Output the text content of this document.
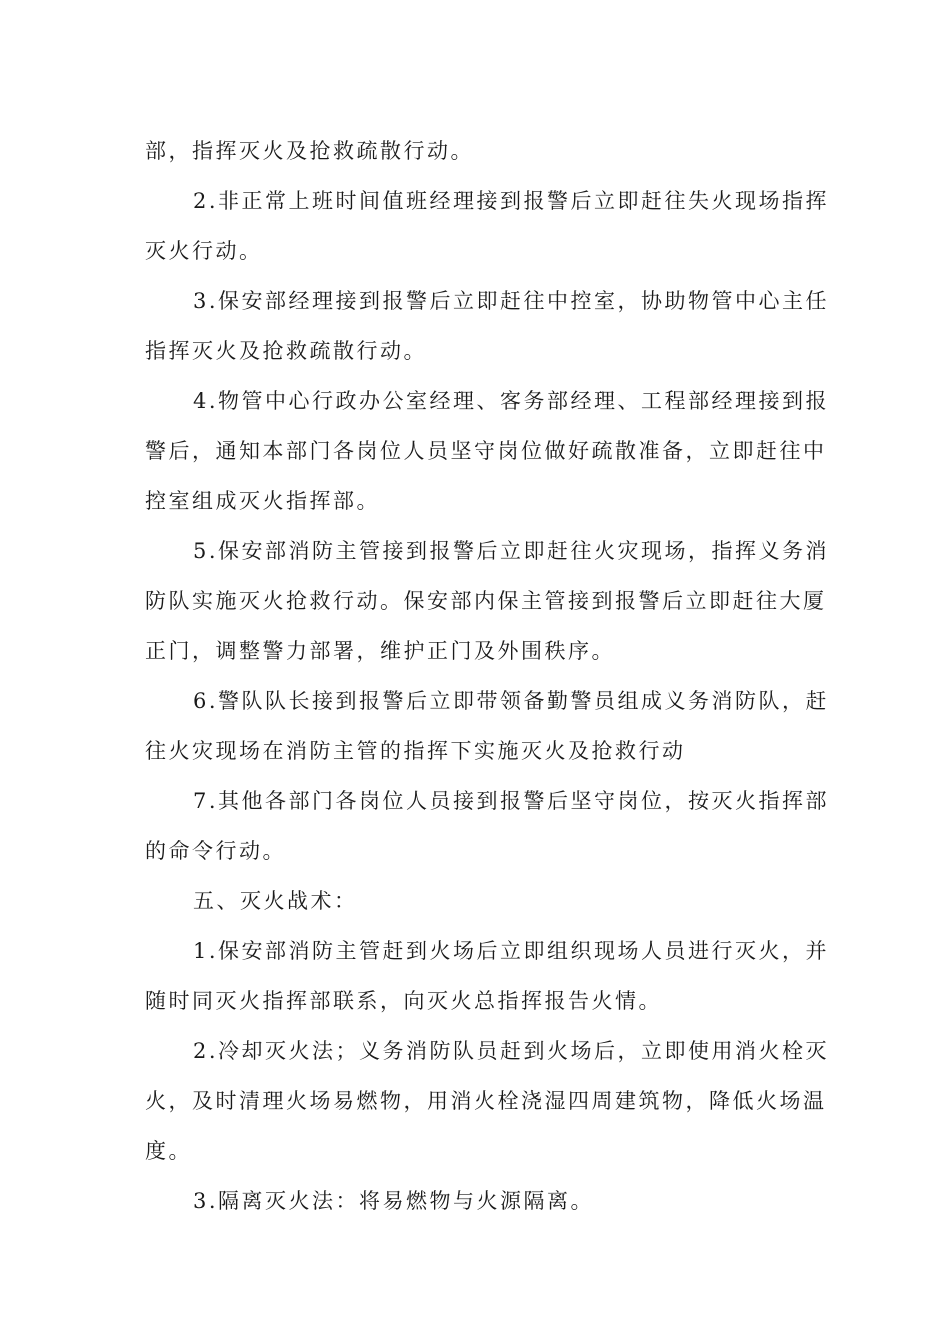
部，指挥灭火及抢救疏散行动。
2.非正常上班时间值班经理接到报警后立即赶往失火现场指挥
灭火行动。
3.保安部经理接到报警后立即赶往中控室，协助物管中心主任
指挥灭火及抢救疏散行动。
4.物管中心行政办公室经理、客务部经理、工程部经理接到报
警后，通知本部门各岗位人员坚守岗位做好疏散准备，立即赶往中
控室组成灭火指挥部。
5.保安部消防主管接到报警后立即赶往火灾现场，指挥义务消
防队实施灭火抢救行动。保安部内保主管接到报警后立即赶往大厦
正门，调整警力部署，维护正门及外围秩序。
6.警队队长接到报警后立即带领备勤警员组成义务消防队，赶
往火灾现场在消防主管的指挥下实施灭火及抢救行动
7.其他各部门各岗位人员接到报警后坚守岗位，按灭火指挥部
的命令行动。
五、灭火战术：
1.保安部消防主管赶到火场后立即组织现场人员进行灭火，并
随时同灭火指挥部联系，向灭火总指挥报告火情。
2.冷却灭火法；义务消防队员赶到火场后，立即使用消火栓灭
火，及时清理火场易燃物，用消火栓浇湿四周建筑物，降低火场温
度。
3.隔离灭火法：将易燃物与火源隔离。
